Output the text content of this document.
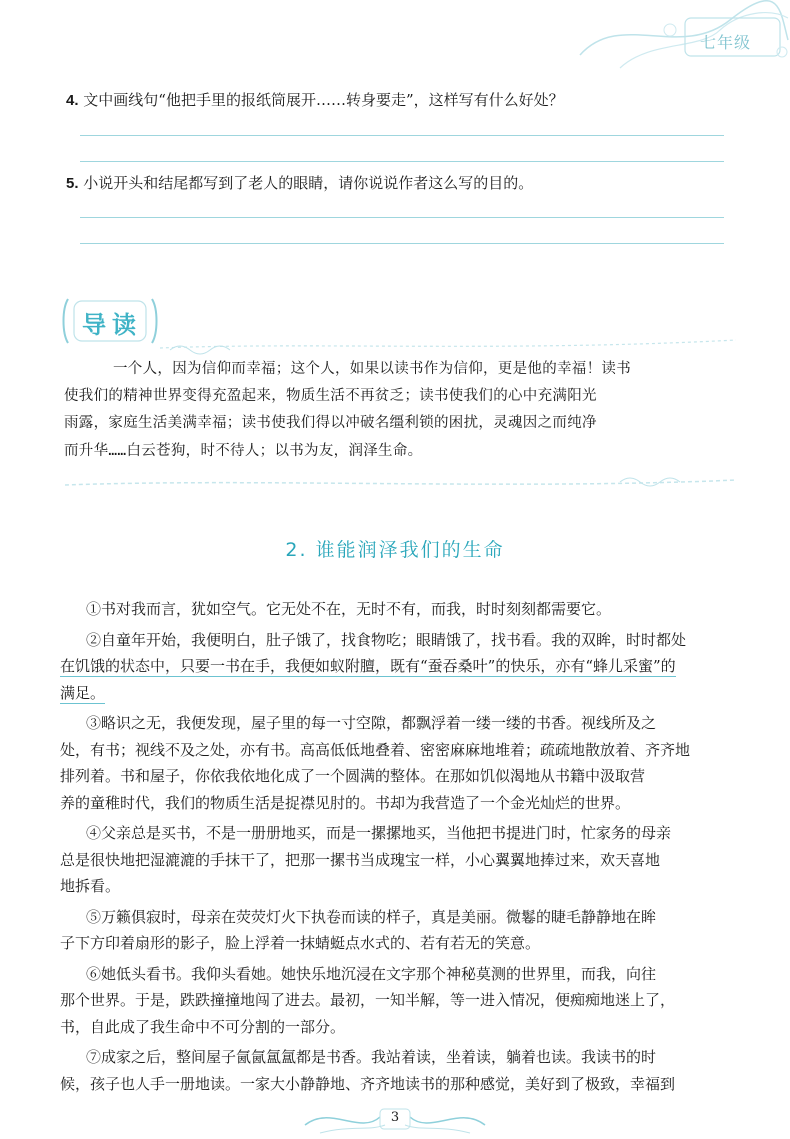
七年级
4. 文中画线句“他把手里的报纸筒展开……转身要走”，这样写有什么好处？
5. 小说开头和结尾都写到了老人的眼睛，请你说说作者这么写的目的。
导读

一个人，因为信仰而幸福；这个人，如果以读书作为信仰，更是他的幸福！读书

使我们的精神世界变得充盈起来，物质生活不再贫乏；读书使我们的心中充满阳光

雨露，家庭生活美满幸福；读书使我们得以冲破名缰利锁的困扰，灵魂因之而纯净

而升华……白云苍狗，时不待人；以书为友，润泽生命。

2. 谁能润泽我们的生命

①书对我而言，犹如空气。它无处不在，无时不有，而我，时时刻刻都需要它。

②自童年开始，我便明白，肚子饿了，找食物吃；眼睛饿了，找书看。我的双眸，时时都处
在饥饿的状态中，只要一书在手，我便如蚁附膻，既有“蚕吞桑叶”的快乐，亦有“蜂儿采蜜”的
满足。

③略识之无，我便发现，屋子里的每一寸空隙，都飘浮着一缕一缕的书香。视线所及之
处，有书；视线不及之处，亦有书。高高低低地叠着、密密麻麻地堆着；疏疏地散放着、齐齐地
排列着。书和屋子，你依我依地化成了一个圆满的整体。在那如饥似渴地从书籍中汲取营
养的童稚时代，我们的物质生活是捉襟见肘的。书却为我营造了一个金光灿烂的世界。

④父亲总是买书，不是一册册地买，而是一摞摞地买，当他把书提进门时，忙家务的母亲
总是很快地把湿漉漉的手抹干了，把那一摞书当成瑰宝一样，小心翼翼地捧过来，欢天喜地
地拆看。

⑤万籁俱寂时，母亲在荧荧灯火下执卷而读的样子，真是美丽。微鬈的睫毛静静地在眸
子下方印着扇形的影子，脸上浮着一抹蜻蜓点水式的、若有若无的笑意。

⑥她低头看书。我仰头看她。她快乐地沉浸在文字那个神秘莫测的世界里，而我，向往
那个世界。于是，跌跌撞撞地闯了进去。最初，一知半解，等一进入情况，便痴痴地迷上了，
书，自此成了我生命中不可分割的一部分。

⑦成家之后，整间屋子氤氤氲氲都是书香。我站着读，坐着读，躺着也读。我读书的时
候，孩子也人手一册地读。一家大小静静地、齐齐地读书的那种感觉，美好到了极致，幸福到

3
